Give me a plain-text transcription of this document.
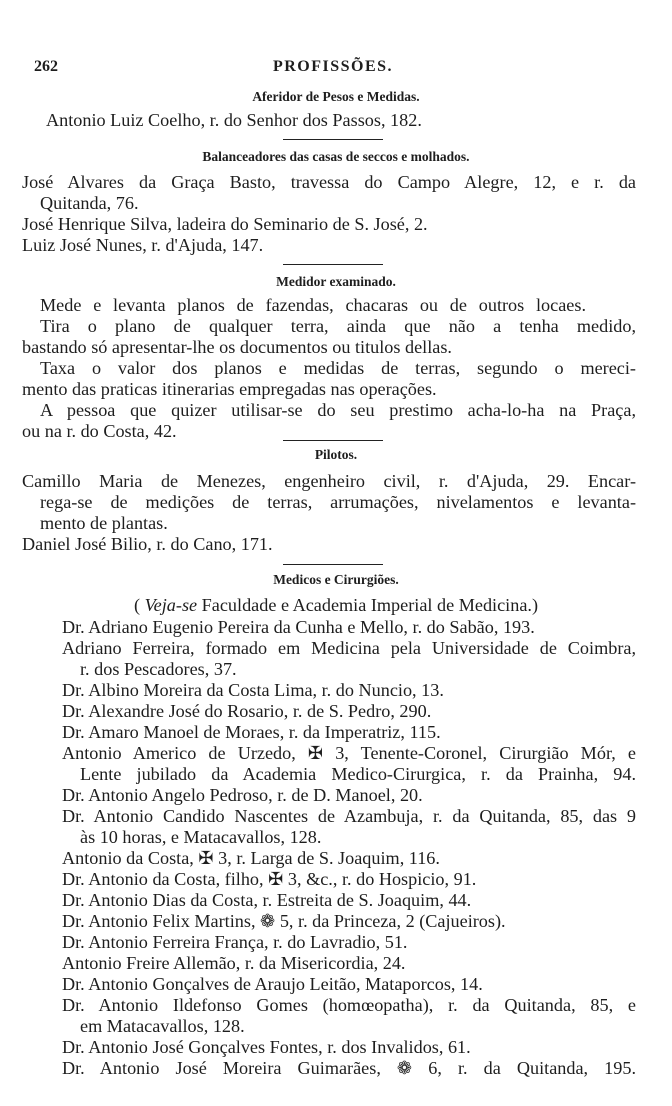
262	PROFISSÕES.
Aferidor de Pesos e Medidas.
Antonio Luiz Coelho, r. do Senhor dos Passos, 182.
Balanceadores das casas de seccos e molhados.
José Alvares da Graça Basto, travessa do Campo Alegre, 12, e r. da
Quitanda, 76.
José Henrique Silva, ladeira do Seminario de S. José, 2.
Luiz José Nunes, r. d'Ajuda, 147.
Medidor examinado.
Mede e levanta planos de fazendas, chacaras ou de outros locaes.
Tira o plano de qualquer terra, ainda que não a tenha medido,
bastando só apresentar-lhe os documentos ou titulos dellas.
Taxa o valor dos planos e medidas de terras, segundo o mereci-
mento das praticas itinerarias empregadas nas operações.
A pessoa que quizer utilisar-se do seu prestimo acha-lo-ha na Praça,
ou na r. do Costa, 42.
Pilotos.
Camillo Maria de Menezes, engenheiro civil, r. d'Ajuda, 29. Encar-
rega-se de medições de terras, arrumações, nivelamentos e levanta-
mento de plantas.
Daniel José Bilio, r. do Cano, 171.
Medicos e Cirurgiões.
( Veja-se Faculdade e Academia Imperial de Medicina.)
Dr. Adriano Eugenio Pereira da Cunha e Mello, r. do Sabão, 193.
Adriano Ferreira, formado em Medicina pela Universidade de Coimbra,
r. dos Pescadores, 37.
Dr. Albino Moreira da Costa Lima, r. do Nuncio, 13.
Dr. Alexandre José do Rosario, r. de S. Pedro, 290.
Dr. Amaro Manoel de Moraes, r. da Imperatriz, 115.
Antonio Americo de Urzedo, ✠ 3, Tenente-Coronel, Cirurgião Mór, e
Lente jubilado da Academia Medico-Cirurgica, r. da Prainha, 94.
Dr. Antonio Angelo Pedroso, r. de D. Manoel, 20.
Dr. Antonio Candido Nascentes de Azambuja, r. da Quitanda, 85, das 9
às 10 horas, e Matacavallos, 128.
Antonio da Costa, ✠ 3, r. Larga de S. Joaquim, 116.
Dr. Antonio da Costa, filho, ✠ 3, &c., r. do Hospicio, 91.
Dr. Antonio Dias da Costa, r. Estreita de S. Joaquim, 44.
Dr. Antonio Felix Martins, ❁ 5, r. da Princeza, 2 (Cajueiros).
Dr. Antonio Ferreira França, r. do Lavradio, 51.
Antonio Freire Allemão, r. da Misericordia, 24.
Dr. Antonio Gonçalves de Araujo Leitão, Mataporcos, 14.
Dr. Antonio Ildefonso Gomes (homœopatha), r. da Quitanda, 85, e
em Matacavallos, 128.
Dr. Antonio José Gonçalves Fontes, r. dos Invalidos, 61.
Dr. Antonio José Moreira Guimarães, ❁ 6, r. da Quitanda, 195.
